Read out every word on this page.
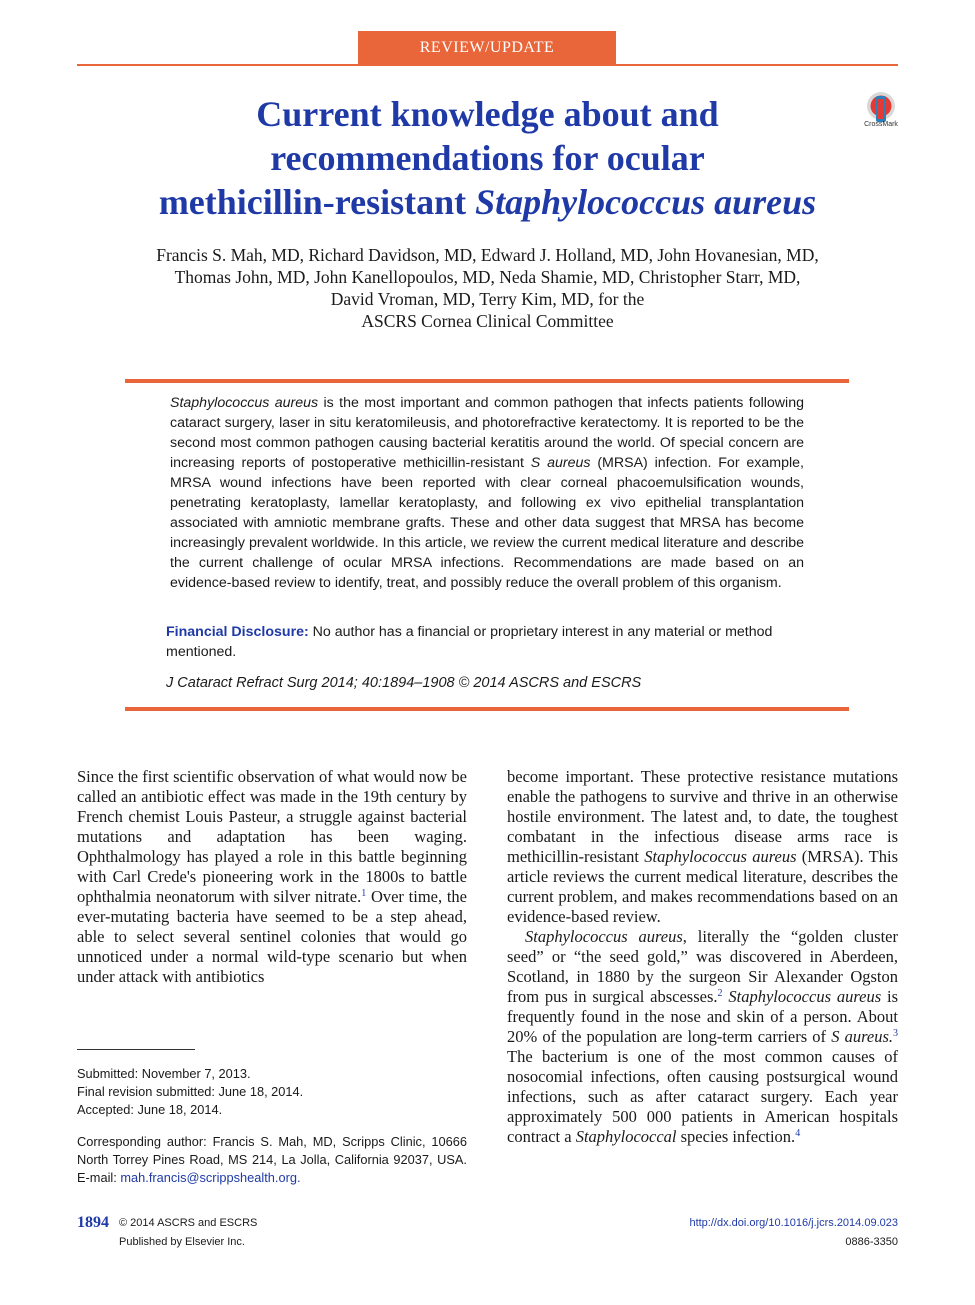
REVIEW/UPDATE
CrossMark
Current knowledge about and
recommendations for ocular
methicillin-resistant Staphylococcus aureus
Francis S. Mah, MD, Richard Davidson, MD, Edward J. Holland, MD, John Hovanesian, MD,
Thomas John, MD, John Kanellopoulos, MD, Neda Shamie, MD, Christopher Starr, MD,
David Vroman, MD, Terry Kim, MD, for the
ASCRS Cornea Clinical Committee

Staphylococcus aureus is the most important and common pathogen that infects patients following cataract surgery, laser in situ keratomileusis, and photorefractive keratectomy. It is reported to be the second most common pathogen causing bacterial keratitis around the world. Of special concern are increasing reports of postoperative methicillin-resistant S aureus (MRSA) infection. For example, MRSA wound infections have been reported with clear corneal phacoemulsification wounds, penetrating keratoplasty, lamellar keratoplasty, and following ex vivo epithelial transplantation associated with amniotic membrane grafts. These and other data suggest that MRSA has become increasingly prevalent worldwide. In this article, we review the current medical literature and describe the current challenge of ocular MRSA infections. Recommendations are made based on an evidence-based review to identify, treat, and possibly reduce the overall problem of this organism.

Financial Disclosure: No author has a financial or proprietary interest in any material or method mentioned.

J Cataract Refract Surg 2014; 40:1894–1908 © 2014 ASCRS and ESCRS

Since the first scientific observation of what would now be called an antibiotic effect was made in the 19th century by French chemist Louis Pasteur, a struggle against bacterial mutations and adaptation has been waging. Ophthalmology has played a role in this battle beginning with Carl Crede's pioneering work in the 1800s to battle ophthalmia neonatorum with silver nitrate.$^1$ Over time, the ever-mutating bacteria have seemed to be a step ahead, able to select several sentinel colonies that would go unnoticed under a normal wild-type scenario but when under attack with antibiotics

become important. These protective resistance mutations enable the pathogens to survive and thrive in an otherwise hostile environment. The latest and, to date, the toughest combatant in the infectious disease arms race is methicillin-resistant Staphylococcus aureus (MRSA). This article reviews the current medical literature, describes the current problem, and makes recommendations based on an evidence-based review.

Staphylococcus aureus, literally the “golden cluster seed” or “the seed gold,” was discovered in Aberdeen, Scotland, in 1880 by the surgeon Sir Alexander Ogston from pus in surgical abscesses.$^2$ Staphylococcus aureus is frequently found in the nose and skin of a person. About 20% of the population are long-term carriers of S aureus.$^3$ The bacterium is one of the most common causes of nosocomial infections, often causing postsurgical wound infections, such as after cataract surgery. Each year approximately 500 000 patients in American hospitals contract a Staphylococcal species infection.$^4$

Submitted: November 7, 2013.
Final revision submitted: June 18, 2014.
Accepted: June 18, 2014.
Corresponding author: Francis S. Mah, MD, Scripps Clinic, 10666 North Torrey Pines Road, MS 214, La Jolla, California 92037, USA. E-mail: mah.francis@scrippshealth.org.
1894 © 2014 ASCRS and ESCRS
Published by Elsevier Inc.
http://dx.doi.org/10.1016/j.jcrs.2014.09.023
0886-3350
